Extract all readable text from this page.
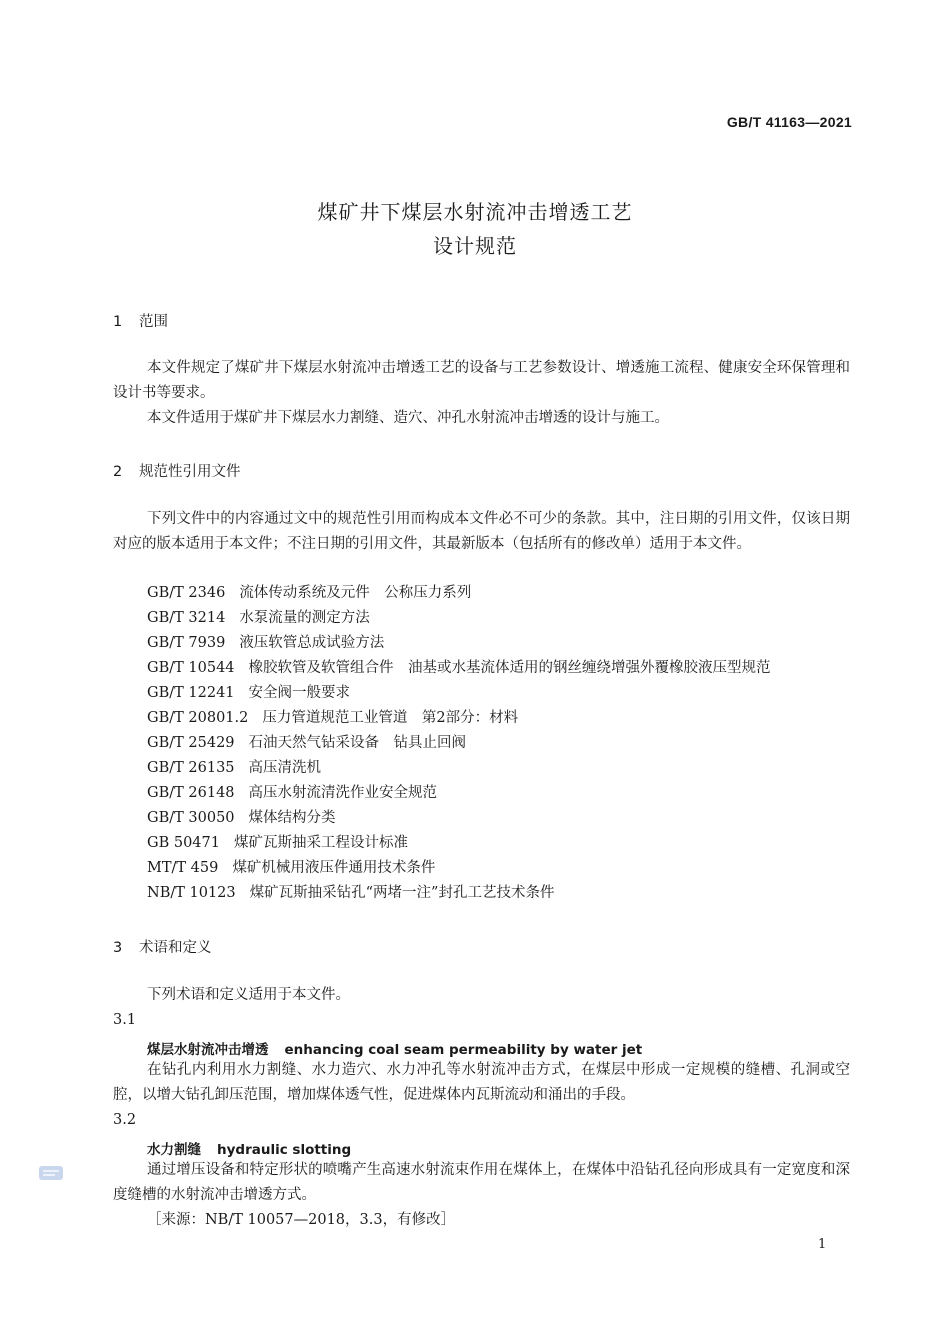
GB/T 41163—2021
煤矿井下煤层水射流冲击增透工艺
设计规范
1 范围
本文件规定了煤矿井下煤层水射流冲击增透工艺的设备与工艺参数设计、增透施工流程、健康安全环保管理和设计书等要求。
本文件适用于煤矿井下煤层水力割缝、造穴、冲孔水射流冲击增透的设计与施工。
2 规范性引用文件
下列文件中的内容通过文中的规范性引用而构成本文件必不可少的条款。其中，注日期的引用文件，仅该日期对应的版本适用于本文件；不注日期的引用文件，其最新版本（包括所有的修改单）适用于本文件。
GB/T 2346 流体传动系统及元件　公称压力系列
GB/T 3214 水泵流量的测定方法
GB/T 7939 液压软管总成试验方法
GB/T 10544 橡胶软管及软管组合件　油基或水基流体适用的钢丝缠绕增强外覆橡胶液压型规范
GB/T 12241 安全阀一般要求
GB/T 20801.2 压力管道规范工业管道　第2部分：材料
GB/T 25429 石油天然气钻采设备　钻具止回阀
GB/T 26135 高压清洗机
GB/T 26148 高压水射流清洗作业安全规范
GB/T 30050 煤体结构分类
GB 50471 煤矿瓦斯抽采工程设计标准
MT/T 459 煤矿机械用液压件通用技术条件
NB/T 10123 煤矿瓦斯抽采钻孔“两堵一注”封孔工艺技术条件
3 术语和定义
下列术语和定义适用于本文件。
3.1
煤层水射流冲击增透 enhancing coal seam permeability by water jet
在钻孔内利用水力割缝、水力造穴、水力冲孔等水射流冲击方式，在煤层中形成一定规模的缝槽、孔洞或空腔，以增大钻孔卸压范围，增加煤体透气性，促进煤体内瓦斯流动和涌出的手段。
3.2
水力割缝 hydraulic slotting
通过增压设备和特定形状的喷嘴产生高速水射流束作用在煤体上，在煤体中沿钻孔径向形成具有一定宽度和深度缝槽的水射流冲击增透方式。
［来源：NB/T 10057—2018，3.3，有修改］
1
